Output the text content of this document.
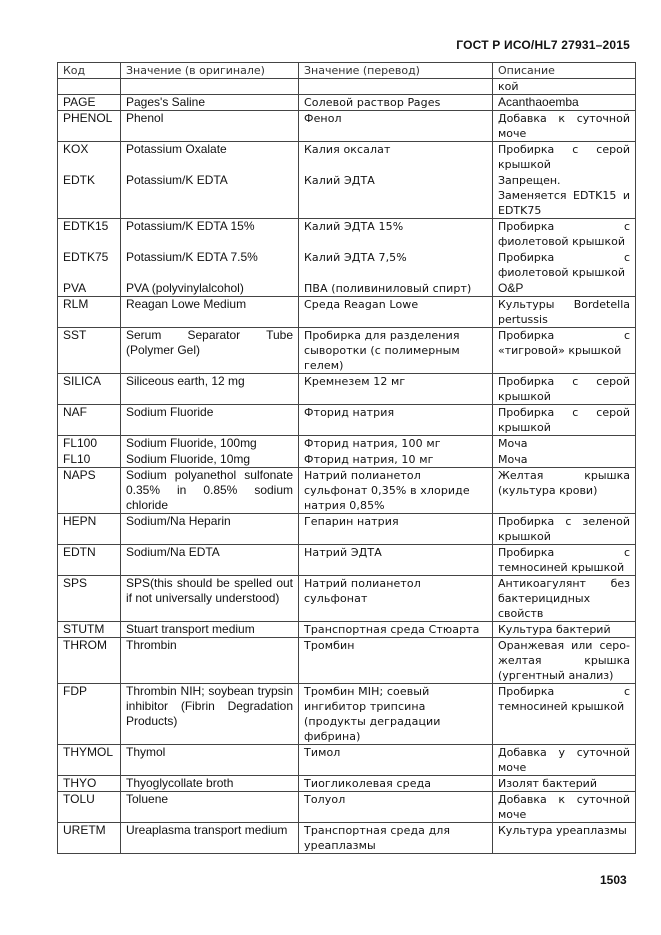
ГОСТ Р ИСО/HL7 27931–2015
Код	Значение (в оригинале)	Значение (перевод)	Описание
			кой
PAGE	Pages's Saline	Солевой раствор Pages	Acanthaoemba
PHENOL	Phenol	Фенол	Добавка к суточной моче
KOX	Potassium Oxalate	Калия оксалат	Пробирка с серой крышкой
EDTK	Potassium/K EDTA	Калий ЭДТА	Запрещен. Заменяется EDTK15 и EDTK75
EDTK15	Potassium/K EDTA 15%	Калий ЭДТА 15%	Пробирка с фиолетовой крышкой
EDTK75	Potassium/K EDTA 7.5%	Калий ЭДТА 7,5%	Пробирка с фиолетовой крышкой
PVA	PVA (polyvinylalcohol)	ПВА (поливиниловый спирт)	O&P
RLM	Reagan Lowe Medium	Среда Reagan Lowe	Культуры Bordetella pertussis
SST	Serum Separator Tube (Polymer Gel)	Пробирка для разделения сыворотки (с полимерным гелем)	Пробирка с «тигровой» крышкой
SILICA	Siliceous earth, 12 mg	Кремнезем 12 мг	Пробирка с серой крышкой
NAF	Sodium Fluoride	Фторид натрия	Пробирка с серой крышкой
FL100	Sodium Fluoride, 100mg	Фторид натрия, 100 мг	Моча
FL10	Sodium Fluoride, 10mg	Фторид натрия, 10 мг	Моча
NAPS	Sodium polyanethol sulfonate 0.35% in 0.85% sodium chloride	Натрий полианетол сульфонат 0,35% в хлориде натрия 0,85%	Желтая крышка (культура крови)
HEPN	Sodium/Na Heparin	Гепарин натрия	Пробирка с зеленой крышкой
EDTN	Sodium/Na EDTA	Натрий ЭДТА	Пробирка с темносиней крышкой
SPS	SPS(this should be spelled out if not universally understood)	Натрий полианетол сульфонат	Антикоагулянт без бактерицидных свойств
STUTM	Stuart transport medium	Транспортная среда Стюарта	Культура бактерий
THROM	Thrombin	Тромбин	Оранжевая или серо-желтая крышка (ургентный анализ)
FDP	Thrombin NIH; soybean trypsin inhibitor (Fibrin Degradation Products)	Тромбин MIH; соевый ингибитор трипсина (продукты деградации фибрина)	Пробирка с темносиней крышкой
THYMOL	Thymol	Тимол	Добавка у суточной моче
THYO	Thyoglycollate broth	Тиогликолевая среда	Изолят бактерий
TOLU	Toluene	Толуол	Добавка к суточной моче
URETM	Ureaplasma transport medium	Транспортная среда для уреаплазмы	Культура уреаплазмы
1503
